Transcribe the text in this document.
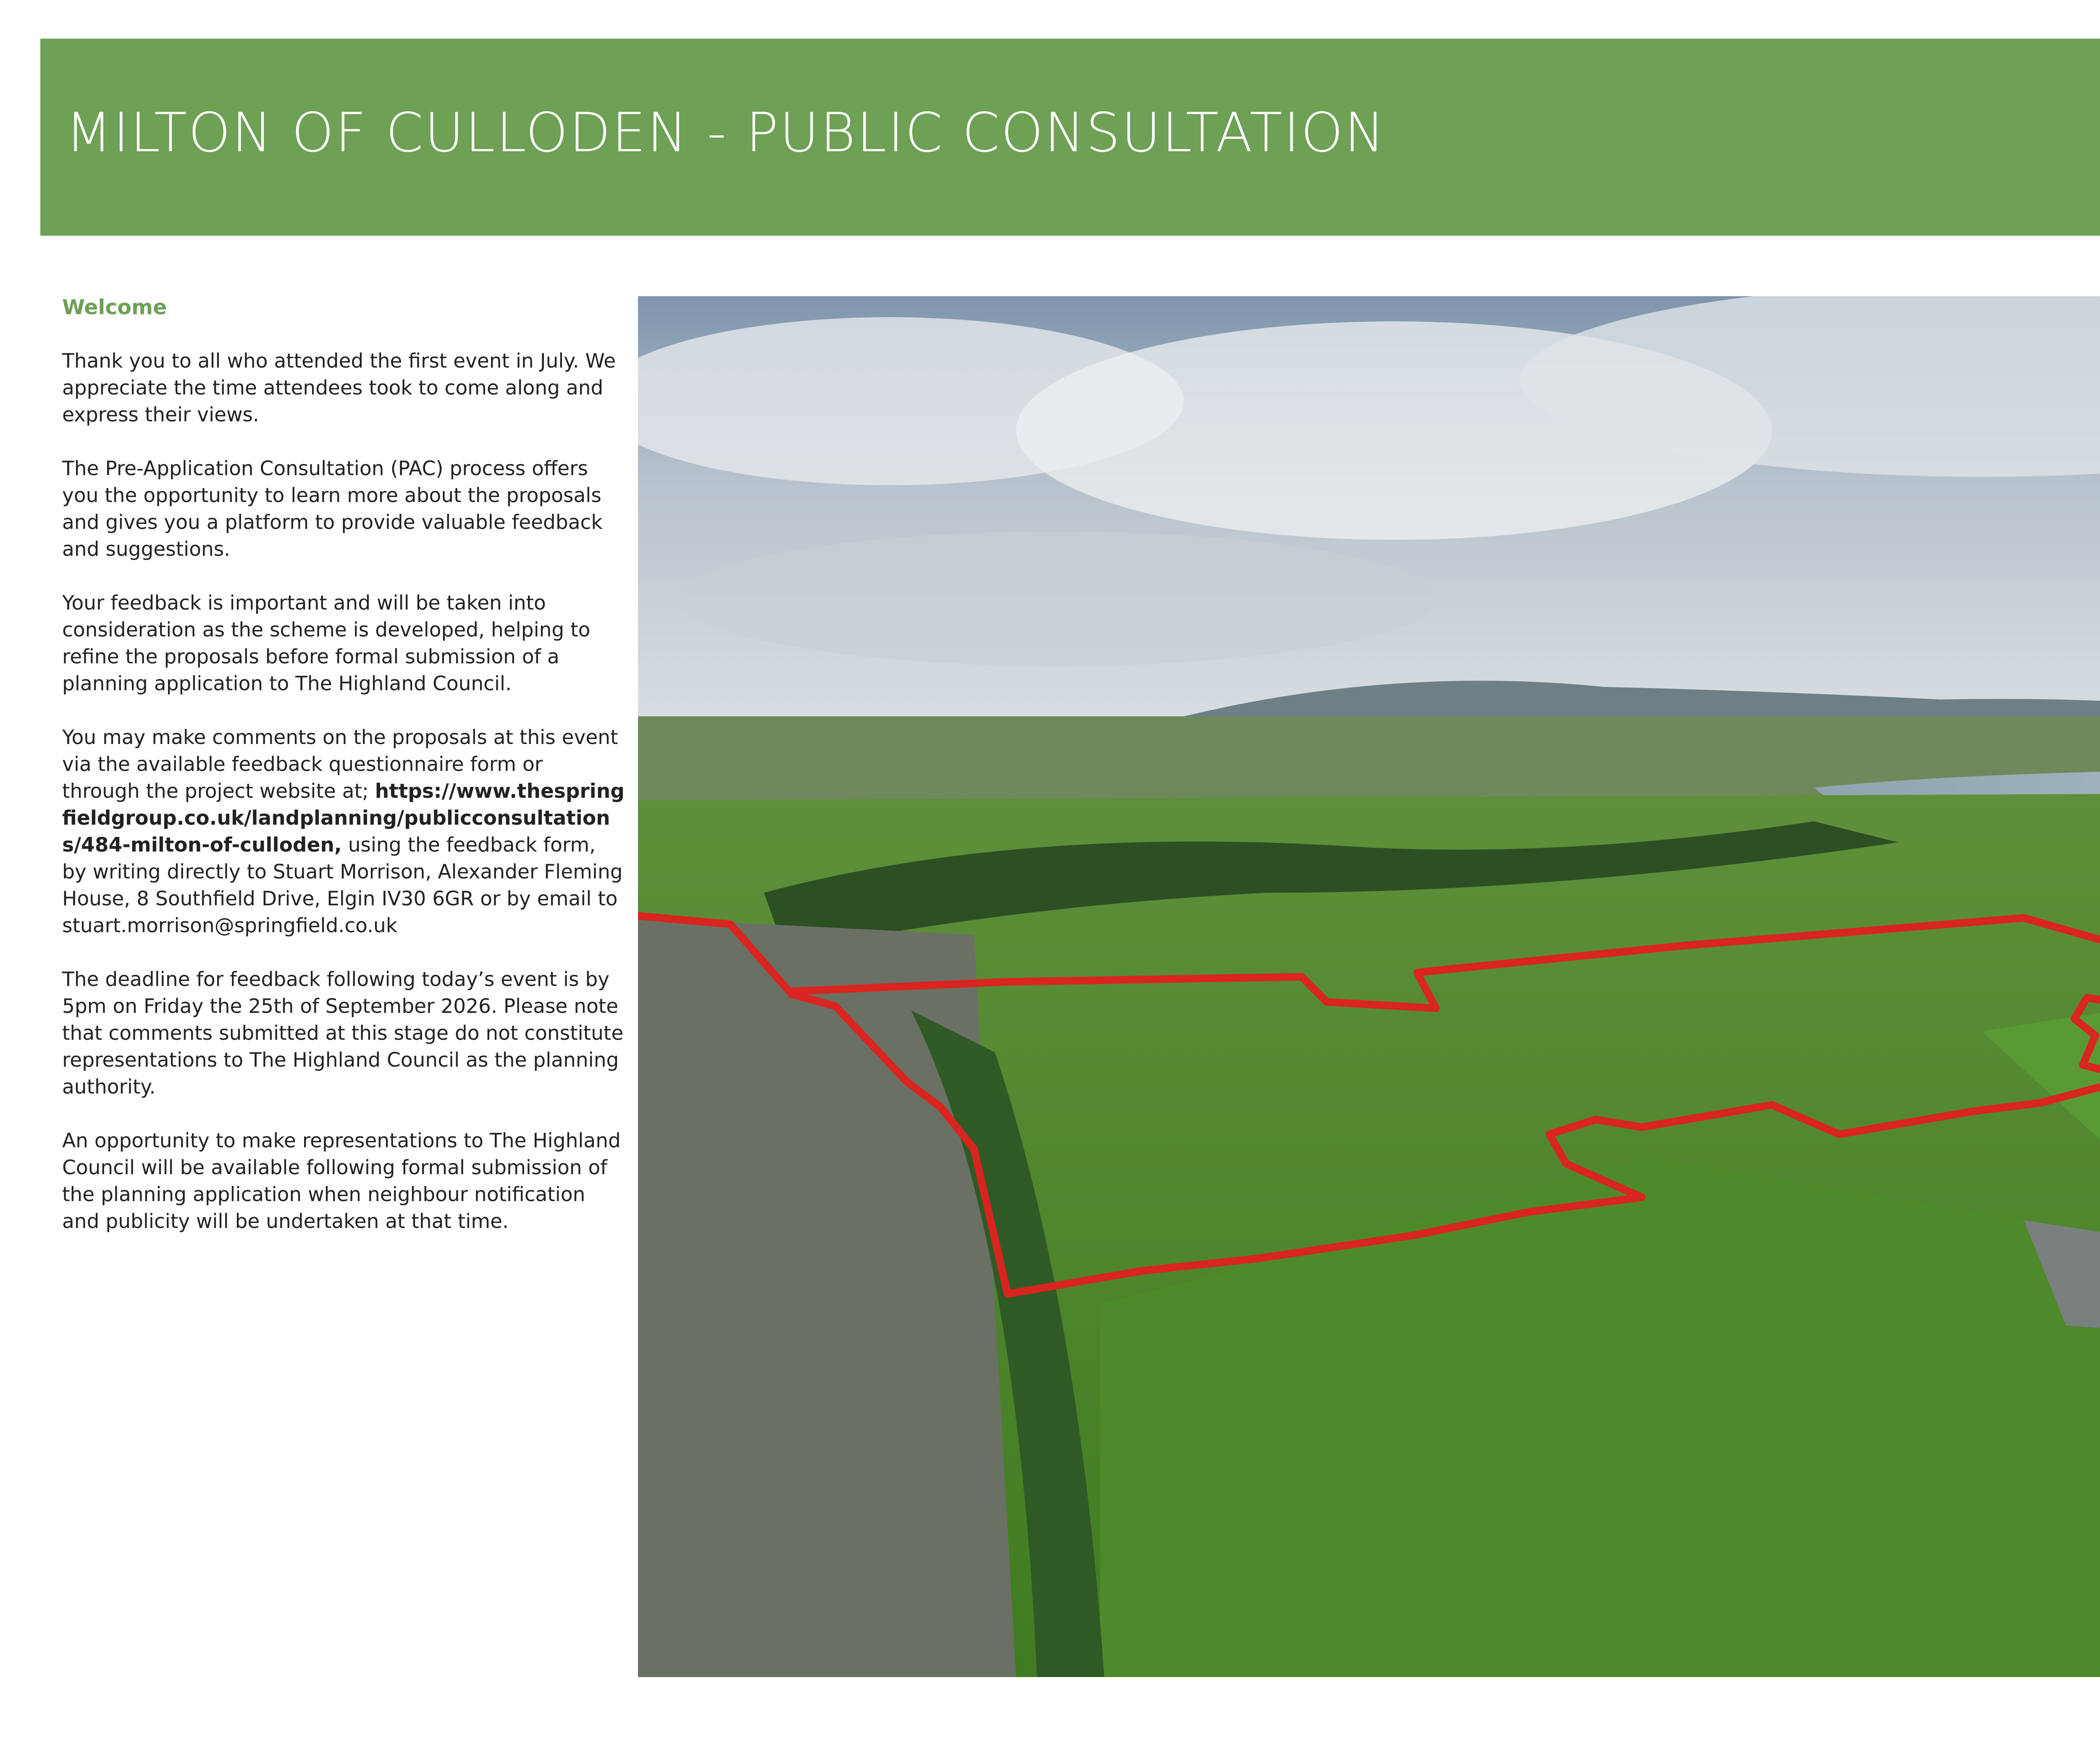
MILTON OF CULLODEN - PUBLIC CONSULTATION

Welcome

Thank you to all who attended the first event in July. We appreciate the time attendees took to come along and express their views.

The Pre-Application Consultation (PAC) process offers you the opportunity to learn more about the proposals and gives you a platform to provide valuable feedback and suggestions.

Your feedback is important and will be taken into consideration as the scheme is developed, helping to refine the proposals before formal submission of a planning application to The Highland Council.

You may make comments on the proposals at this event via the available feedback questionnaire form or through the project website at; https://www.thespringfieldgroup.co.uk/landplanning/publicconsultations/484-milton-of-culloden, using the feedback form, by writing directly to Stuart Morrison, Alexander Fleming House, 8 Southfield Drive, Elgin IV30 6GR or by email to stuart.morrison@springfield.co.uk

The deadline for feedback following today’s event is by 5pm on Friday the 25th of September 2026. Please note that comments submitted at this stage do not constitute representations to The Highland Council as the planning authority.

An opportunity to make representations to The Highland Council will be available following formal submission of the planning application when neighbour notification and publicity will be undertaken at that time.
